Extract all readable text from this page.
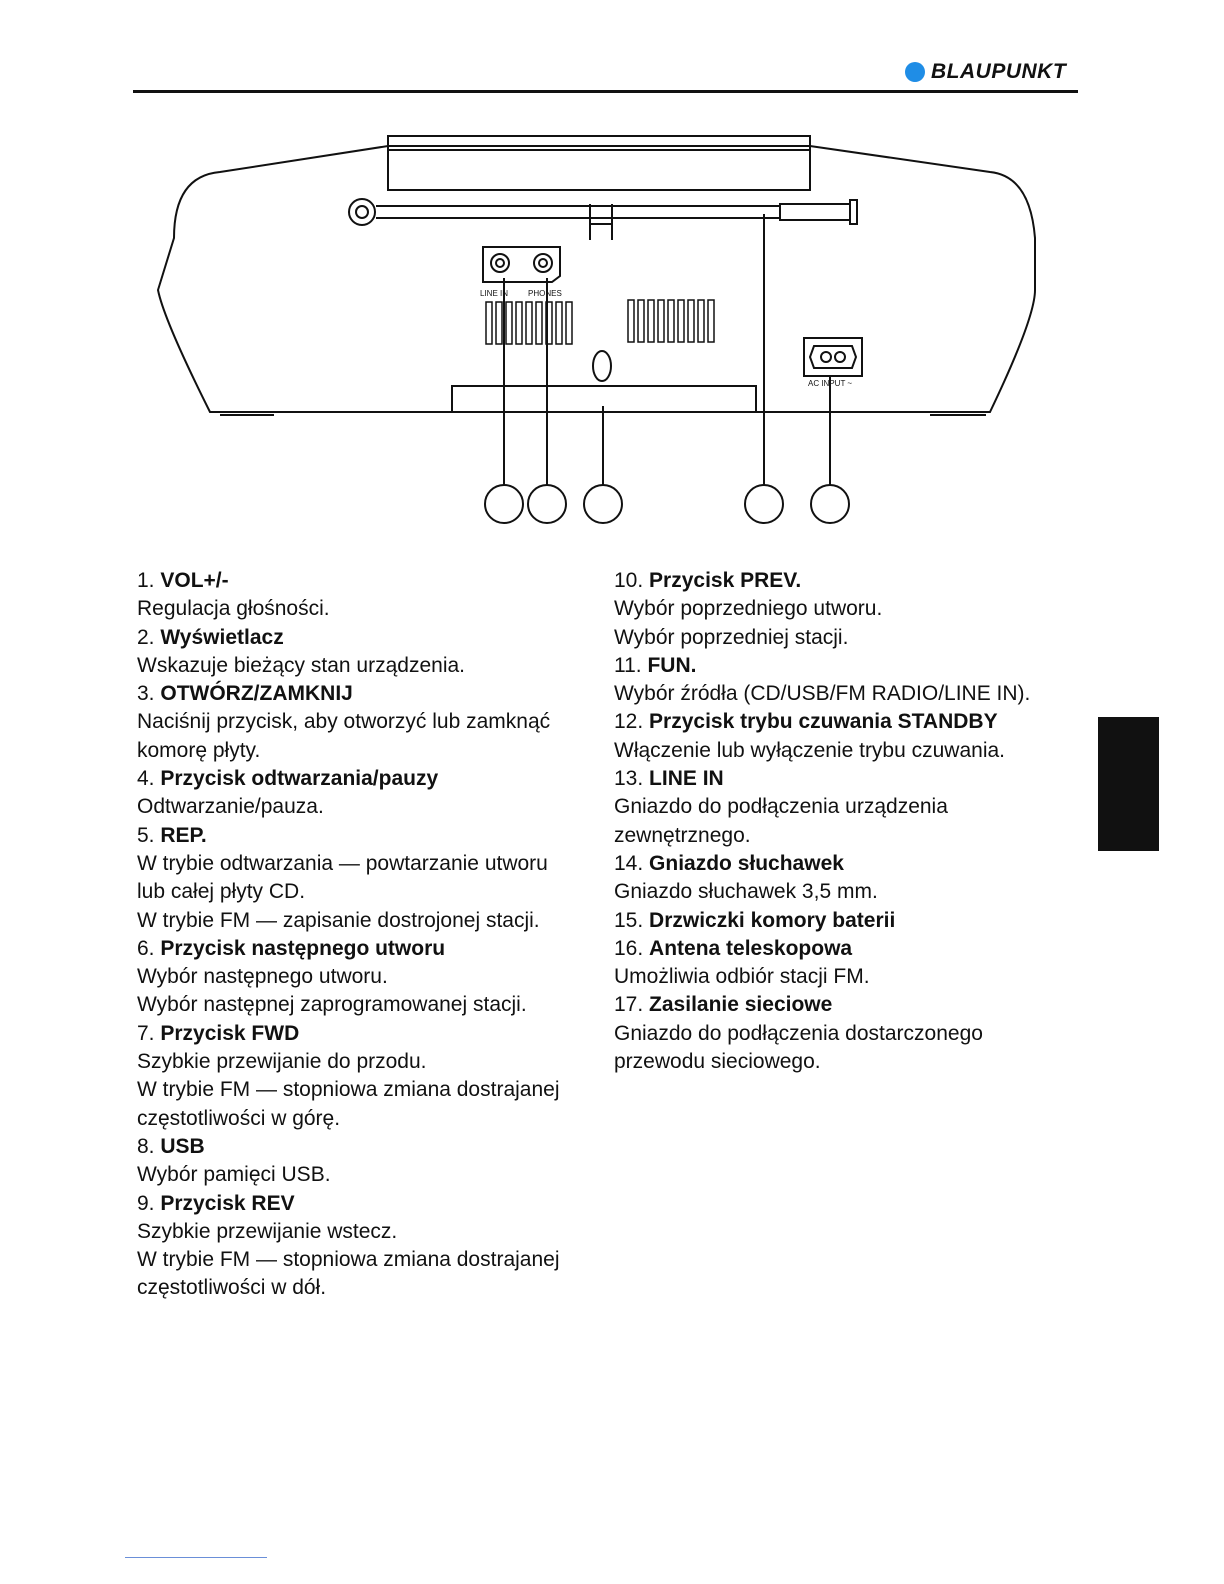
BLAUPUNKT
LINE IN PHONES
AC INPUT ~
1. VOL+/-
Regulacja głośności.
2. Wyświetlacz
Wskazuje bieżący stan urządzenia.
3. OTWÓRZ/ZAMKNIJ
Naciśnij przycisk, aby otworzyć lub zamknąć
komorę płyty.
4. Przycisk odtwarzania/pauzy
Odtwarzanie/pauza.
5. REP.
W trybie odtwarzania — powtarzanie utworu
lub całej płyty CD.
W trybie FM — zapisanie dostrojonej stacji.
6. Przycisk następnego utworu
Wybór następnego utworu.
Wybór następnej zaprogramowanej stacji.
7. Przycisk FWD
Szybkie przewijanie do przodu.
W trybie FM — stopniowa zmiana dostrajanej
częstotliwości w górę.
8. USB
Wybór pamięci USB.
9. Przycisk REV
Szybkie przewijanie wstecz.
W trybie FM — stopniowa zmiana dostrajanej
częstotliwości w dół.
10. Przycisk PREV.
Wybór poprzedniego utworu.
Wybór poprzedniej stacji.
11. FUN.
Wybór źródła (CD/USB/FM RADIO/LINE IN).
12. Przycisk trybu czuwania STANDBY
Włączenie lub wyłączenie trybu czuwania.
13. LINE IN
Gniazdo do podłączenia urządzenia
zewnętrznego.
14. Gniazdo słuchawek
Gniazdo słuchawek 3,5 mm.
15. Drzwiczki komory baterii
16. Antena teleskopowa
Umożliwia odbiór stacji FM.
17. Zasilanie sieciowe
Gniazdo do podłączenia dostarczonego
przewodu sieciowego.
